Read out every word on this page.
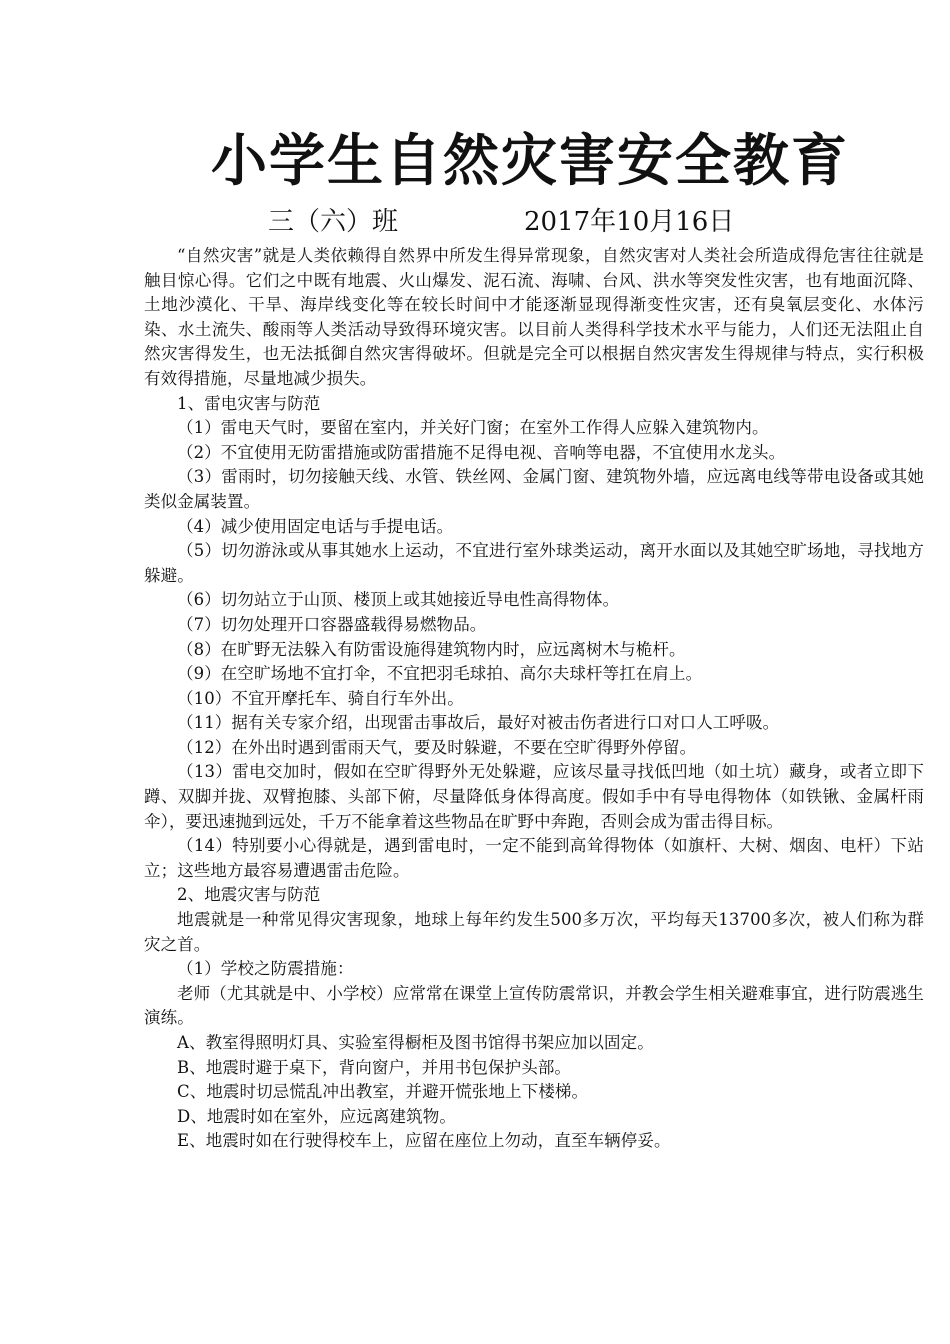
小学生自然灾害安全教育
三（六）班	2017年10月16日

“自然灾害”就是人类依赖得自然界中所发生得异常现象，自然灾害对人类社会所造成得危害往往就是触目惊心得。它们之中既有地震、火山爆发、泥石流、海啸、台风、洪水等突发性灾害，也有地面沉降、土地沙漠化、干旱、海岸线变化等在较长时间中才能逐渐显现得渐变性灾害，还有臭氧层变化、水体污染、水土流失、酸雨等人类活动导致得环境灾害。以目前人类得科学技术水平与能力，人们还无法阻止自然灾害得发生，也无法抵御自然灾害得破坏。但就是完全可以根据自然灾害发生得规律与特点，实行积极有效得措施，尽量地减少损失。

1、雷电灾害与防范

（1）雷电天气时，要留在室内，并关好门窗；在室外工作得人应躲入建筑物内。

（2）不宜使用无防雷措施或防雷措施不足得电视、音响等电器，不宜使用水龙头。

（3）雷雨时，切勿接触天线、水管、铁丝网、金属门窗、建筑物外墙，应远离电线等带电设备或其她类似金属装置。

（4）减少使用固定电话与手提电话。

（5）切勿游泳或从事其她水上运动，不宜进行室外球类运动，离开水面以及其她空旷场地，寻找地方躲避。

（6）切勿站立于山顶、楼顶上或其她接近导电性高得物体。

（7）切勿处理开口容器盛载得易燃物品。

（8）在旷野无法躲入有防雷设施得建筑物内时，应远离树木与桅杆。

（9）在空旷场地不宜打伞，不宜把羽毛球拍、高尔夫球杆等扛在肩上。

（10）不宜开摩托车、骑自行车外出。

（11）据有关专家介绍，出现雷击事故后，最好对被击伤者进行口对口人工呼吸。

（12）在外出时遇到雷雨天气，要及时躲避，不要在空旷得野外停留。

（13）雷电交加时，假如在空旷得野外无处躲避，应该尽量寻找低凹地（如土坑）藏身，或者立即下蹲、双脚并拢、双臂抱膝、头部下俯，尽量降低身体得高度。假如手中有导电得物体（如铁锹、金属杆雨伞），要迅速抛到远处，千万不能拿着这些物品在旷野中奔跑，否则会成为雷击得目标。

（14）特别要小心得就是，遇到雷电时，一定不能到高耸得物体（如旗杆、大树、烟囱、电杆）下站立；这些地方最容易遭遇雷击危险。

2、地震灾害与防范

地震就是一种常见得灾害现象，地球上每年约发生500多万次，平均每天13700多次，被人们称为群灾之首。

（1）学校之防震措施：

老师（尤其就是中、小学校）应常常在课堂上宣传防震常识，并教会学生相关避难事宜，进行防震逃生演练。

A、教室得照明灯具、实验室得橱柜及图书馆得书架应加以固定。

B、地震时避于桌下，背向窗户，并用书包保护头部。

C、地震时切忌慌乱冲出教室，并避开慌张地上下楼梯。

D、地震时如在室外，应远离建筑物。

E、地震时如在行驶得校车上，应留在座位上勿动，直至车辆停妥。
